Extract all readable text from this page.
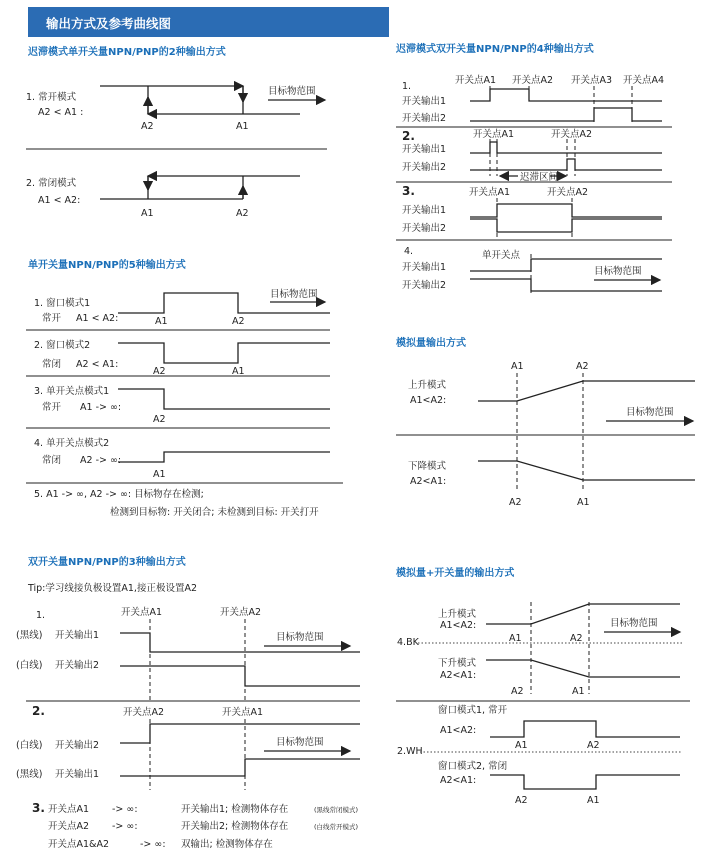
输出方式及参考曲线图
迟滞模式单开关量NPN/PNP的2种输出方式
1. 常开模式
A2 < A1 :
目标物范围
A2	A1
2. 常闭模式
A1 < A2:
A1	A2
单开关量NPN/PNP的5种输出方式
目标物范围
1. 窗口模式1
常开 A1 < A2:	A1	A2
2. 窗口模式2
常闭 A2 < A1:
A2	A1
3. 单开关点模式1
常开 A1 -> ∞:
A2
4. 单开关点模式2
常闭 A2 -> ∞:
A1
5. A1 -> ∞, A2 -> ∞: 目标物存在检测;
检测到目标物: 开关闭合; 未检测到目标: 开关打开
双开关量NPN/PNP的3种输出方式
Tip:学习线接负极设置A1,接正极设置A2
1.	开关点A1	开关点A2
(黑线) 开关输出1	目标物范围
(白线) 开关输出2
2.	开关点A2	开关点A1
(白线) 开关输出2	目标物范围
(黑线) 开关输出1
3. 开关点A1 -> ∞:	开关输出1; 检测物体存在	(黑线常闭模式)
开关点A2 -> ∞:	开关输出2; 检测物体存在	(白线常开模式)
开关点A1&A2	-> ∞: 双输出; 检测物体存在
迟滞模式双开关量NPN/PNP的4种输出方式
1.
开关点A1 开关点A2 开关点A3 开关点A4
开关输出1
开关输出2
2.	开关点A1	开关点A2
开关输出1
开关输出2
迟滞区间
3.	开关点A1	开关点A2
开关输出1
开关输出2
4.	单开关点
开关输出1	目标物范围
开关输出2
模拟量输出方式
A1	A2
上升模式
A1<A2:
目标物范围
下降模式
A2<A1:
A2	A1
模拟量+开关量的输出方式
上升模式
A1<A2:	目标物范围
A1	A2
4.BK
下升模式
A2<A1:
A2	A1
窗口模式1, 常开
A1<A2:
A1	A2
2.WH
窗口模式2, 常闭
A2<A1:
A2	A1
